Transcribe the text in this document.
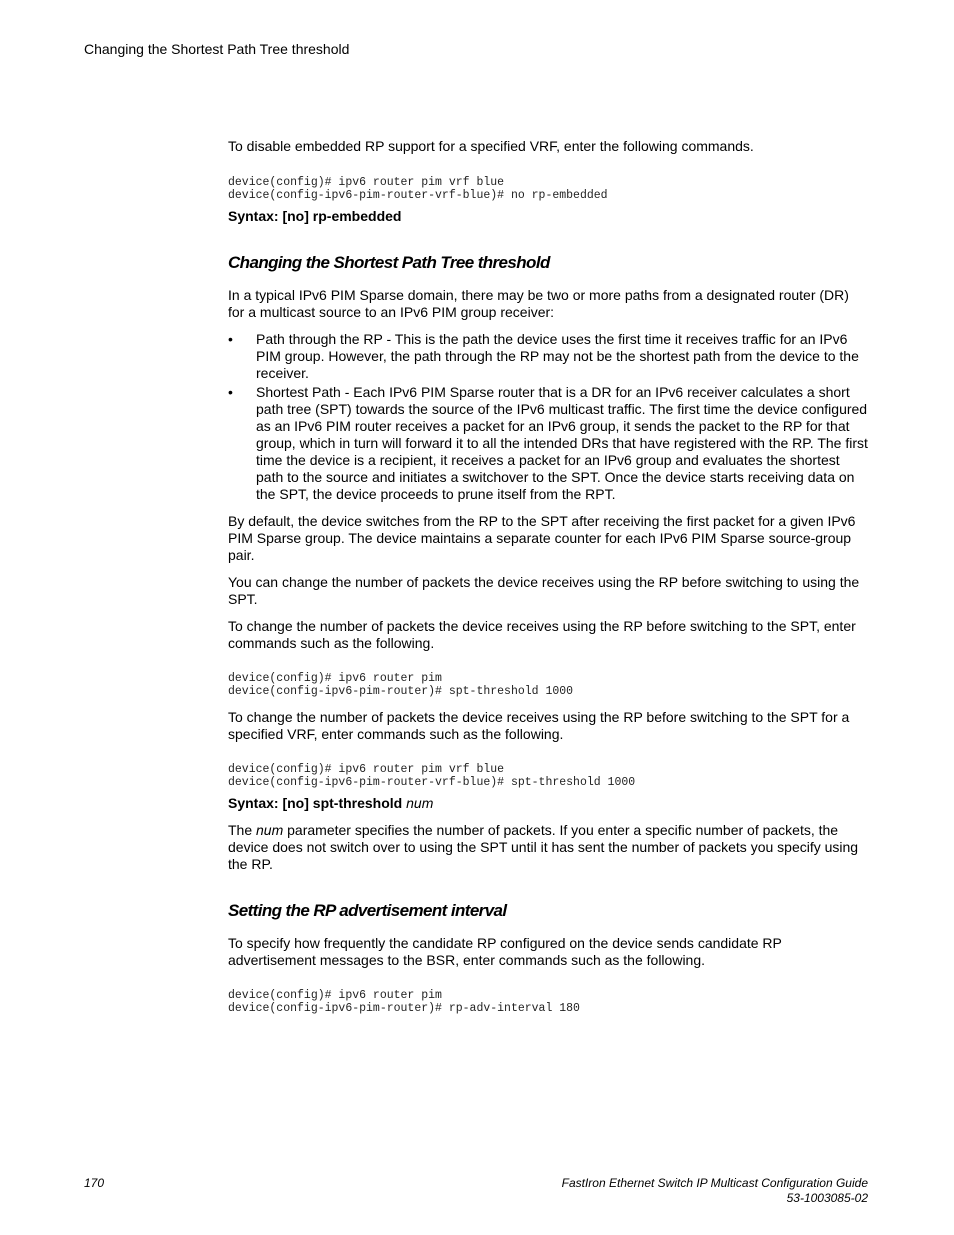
Changing the Shortest Path Tree threshold

To disable embedded RP support for a specified VRF, enter the following commands.

device(config)# ipv6 router pim vrf blue
device(config-ipv6-pim-router-vrf-blue)# no rp-embedded

Syntax: [no] rp-embedded

Changing the Shortest Path Tree threshold

In a typical IPv6 PIM Sparse domain, there may be two or more paths from a designated router (DR) for a multicast source to an IPv6 PIM group receiver:

• Path through the RP - This is the path the device uses the first time it receives traffic for an IPv6 PIM group. However, the path through the RP may not be the shortest path from the device to the receiver.
• Shortest Path - Each IPv6 PIM Sparse router that is a DR for an IPv6 receiver calculates a short path tree (SPT) towards the source of the IPv6 multicast traffic. The first time the device configured as an IPv6 PIM router receives a packet for an IPv6 group, it sends the packet to the RP for that group, which in turn will forward it to all the intended DRs that have registered with the RP. The first time the device is a recipient, it receives a packet for an IPv6 group and evaluates the shortest path to the source and initiates a switchover to the SPT. Once the device starts receiving data on the SPT, the device proceeds to prune itself from the RPT.

By default, the device switches from the RP to the SPT after receiving the first packet for a given IPv6 PIM Sparse group. The device maintains a separate counter for each IPv6 PIM Sparse source-group pair.

You can change the number of packets the device receives using the RP before switching to using the SPT.

To change the number of packets the device receives using the RP before switching to the SPT, enter commands such as the following.

device(config)# ipv6 router pim
device(config-ipv6-pim-router)# spt-threshold 1000

To change the number of packets the device receives using the RP before switching to the SPT for a specified VRF, enter commands such as the following.

device(config)# ipv6 router pim vrf blue
device(config-ipv6-pim-router-vrf-blue)# spt-threshold 1000

Syntax: [no] spt-threshold num

The num parameter specifies the number of packets. If you enter a specific number of packets, the device does not switch over to using the SPT until it has sent the number of packets you specify using the RP.

Setting the RP advertisement interval

To specify how frequently the candidate RP configured on the device sends candidate RP advertisement messages to the BSR, enter commands such as the following.

device(config)# ipv6 router pim
device(config-ipv6-pim-router)# rp-adv-interval 180
170	FastIron Ethernet Switch IP Multicast Configuration Guide
53-1003085-02
